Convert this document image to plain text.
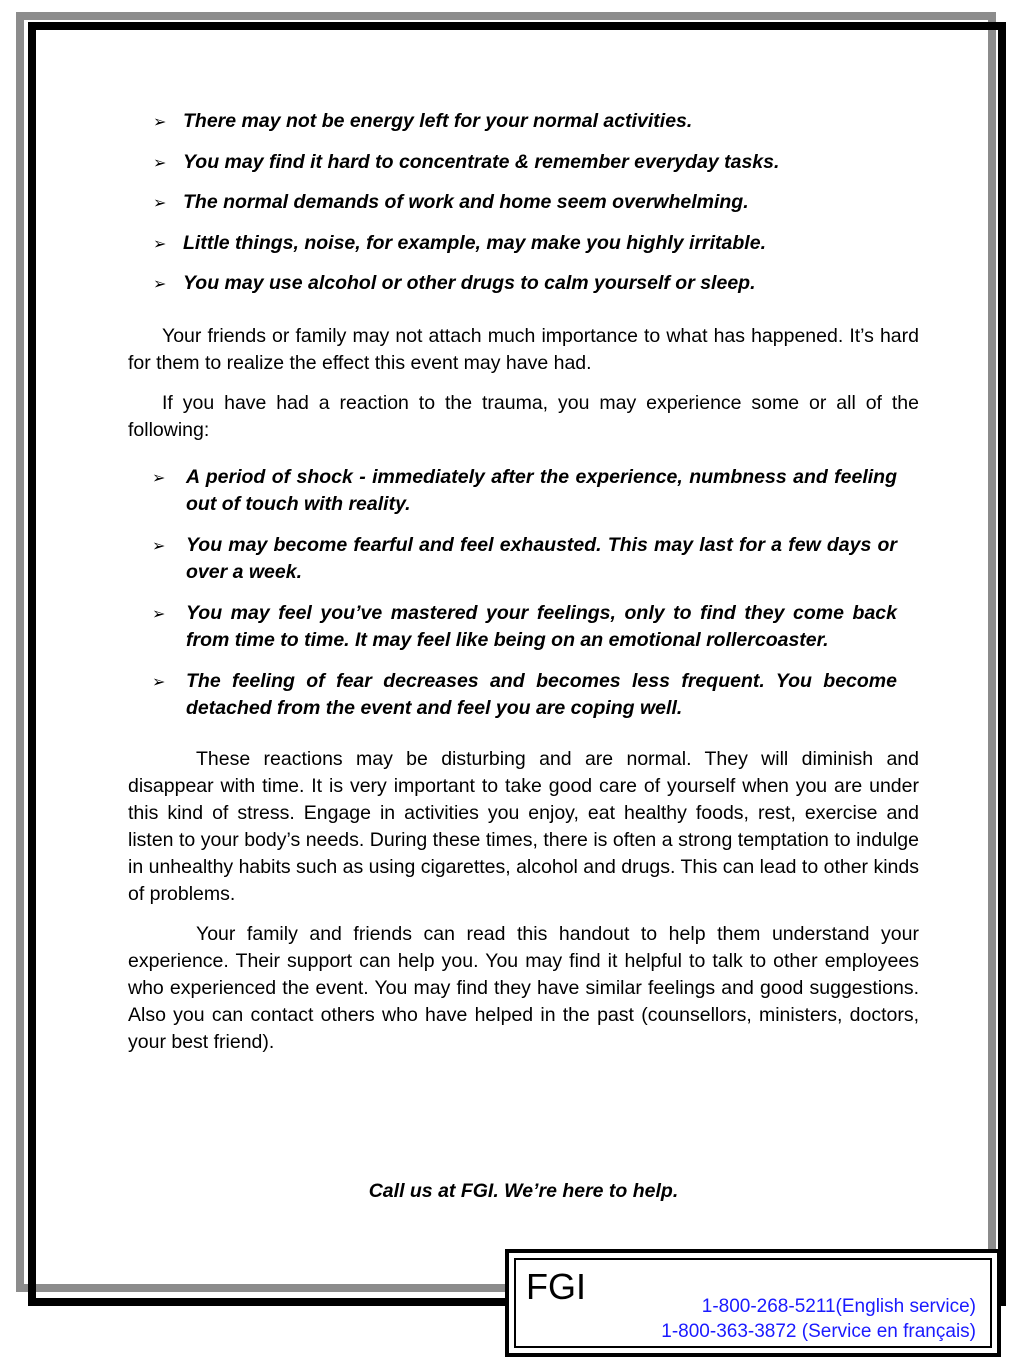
➢ There may not be energy left for your normal activities.
➢ You may find it hard to concentrate & remember everyday tasks.
➢ The normal demands of work and home seem overwhelming.
➢ Little things, noise, for example, may make you highly irritable.
➢ You may use alcohol or other drugs to calm yourself or sleep.

Your friends or family may not attach much importance to what has happened. It’s hard for them to realize the effect this event may have had.

If you have had a reaction to the trauma, you may experience some or all of the following:

➢ A period of shock - immediately after the experience, numbness and feeling out of touch with reality.
➢ You may become fearful and feel exhausted. This may last for a few days or over a week.
➢ You may feel you’ve mastered your feelings, only to find they come back from time to time. It may feel like being on an emotional rollercoaster.
➢ The feeling of fear decreases and becomes less frequent. You become detached from the event and feel you are coping well.

These reactions may be disturbing and are normal. They will diminish and disappear with time. It is very important to take good care of yourself when you are under this kind of stress. Engage in activities you enjoy, eat healthy foods, rest, exercise and listen to your body’s needs. During these times, there is often a strong temptation to indulge in unhealthy habits such as using cigarettes, alcohol and drugs. This can lead to other kinds of problems.

Your family and friends can read this handout to help them understand your experience. Their support can help you. You may find it helpful to talk to other employees who experienced the event. You may find they have similar feelings and good suggestions. Also you can contact others who have helped in the past (counsellors, ministers, doctors, your best friend).

Call us at FGI. We’re here to help.
FGI	1-800-268-5211(English service)
1-800-363-3872 (Service en français)
